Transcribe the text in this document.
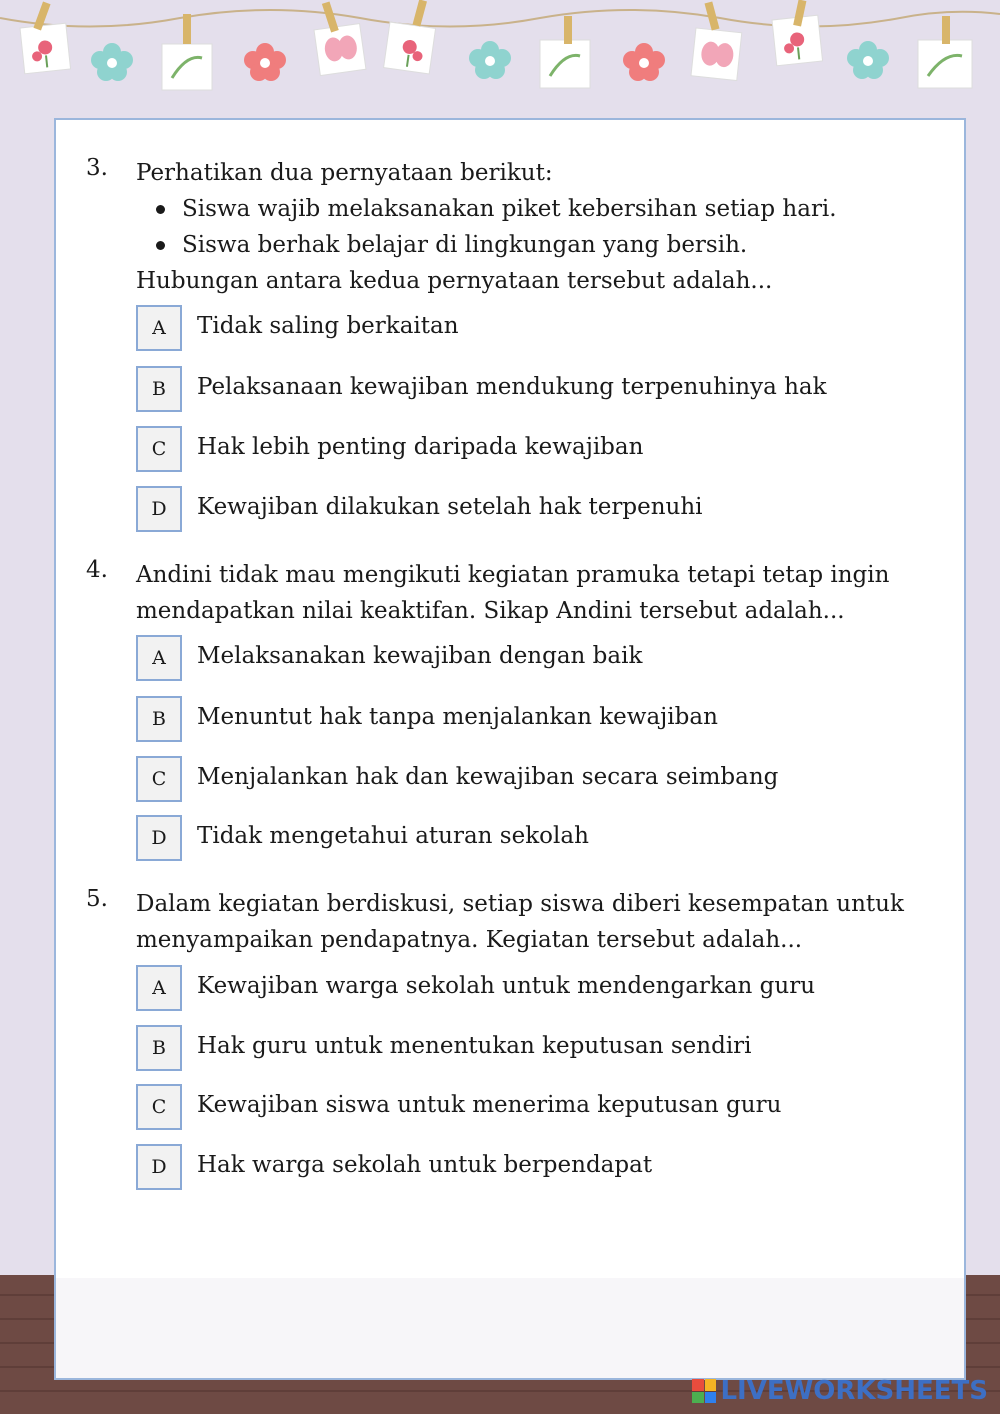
3. Perhatikan dua pernyataan berikut:
Siswa wajib melaksanakan piket kebersihan setiap hari.
Siswa berhak belajar di lingkungan yang bersih.
Hubungan antara kedua pernyataan tersebut adalah...
A	Tidak saling berkaitan
B	Pelaksanaan kewajiban mendukung terpenuhinya hak
C	Hak lebih penting daripada kewajiban
D	Kewajiban dilakukan setelah hak terpenuhi
4. Andini tidak mau mengikuti kegiatan pramuka tetapi tetap ingin mendapatkan nilai keaktifan. Sikap Andini tersebut adalah...
A	Melaksanakan kewajiban dengan baik
B	Menuntut hak tanpa menjalankan kewajiban
C	Menjalankan hak dan kewajiban secara seimbang
D	Tidak mengetahui aturan sekolah
5. Dalam kegiatan berdiskusi, setiap siswa diberi kesempatan untuk menyampaikan pendapatnya. Kegiatan tersebut adalah...
A	Kewajiban warga sekolah untuk mendengarkan guru
B	Hak guru untuk menentukan keputusan sendiri
C	Kewajiban siswa untuk menerima keputusan guru
D	Hak warga sekolah untuk berpendapat
LIVEWORKSHEETS
